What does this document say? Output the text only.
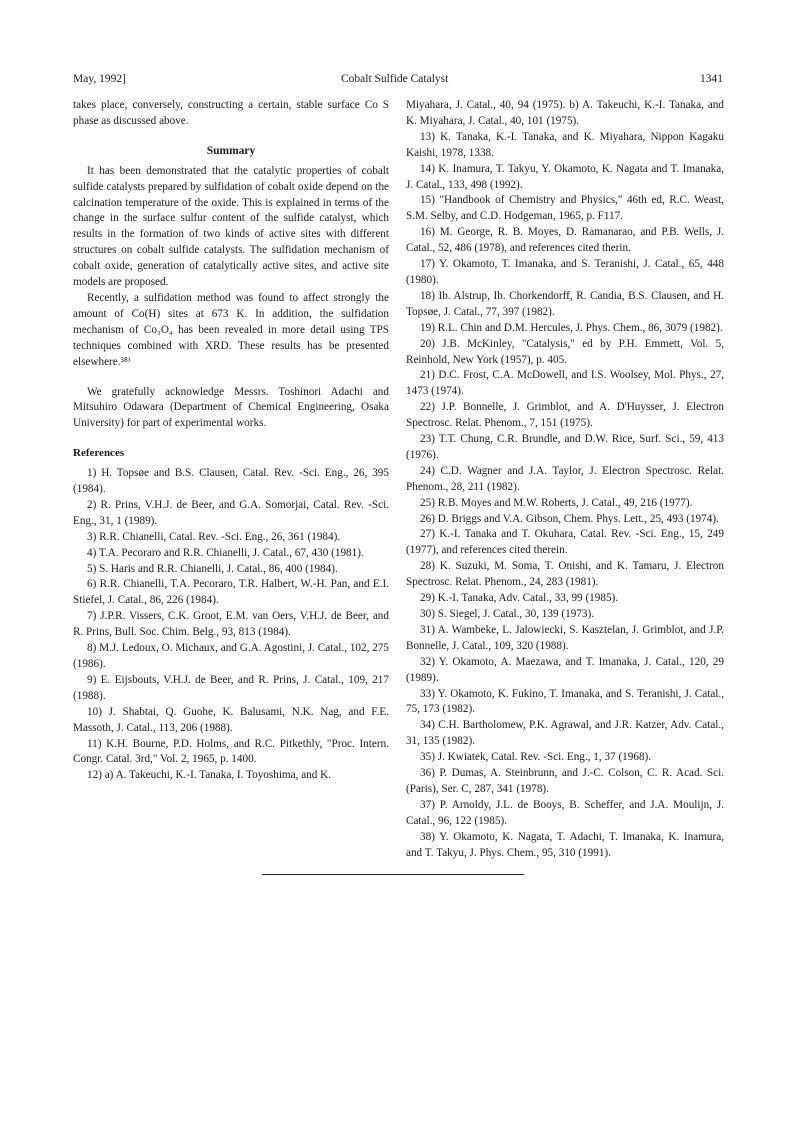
May, 1992]	Cobalt Sulfide Catalyst	1341

takes place, conversely, constructing a certain, stable surface Co S phase as discussed above.

Summary

It has been demonstrated that the catalytic properties of cobalt sulfide catalysts prepared by sulfidation of cobalt oxide depend on the calcination temperature of the oxide. This is explained in terms of the change in the surface sulfur content of the sulfide catalyst, which results in the formation of two kinds of active sites with different structures on cobalt sulfide catalysts. The sulfidation mechanism of cobalt oxide, generation of catalytically active sites, and active site models are proposed.

Recently, a sulfidation method was found to affect strongly the amount of Co(H) sites at 673 K. In addition, the sulfidation mechanism of Co₃O₄ has been revealed in more detail using TPS techniques combined with XRD. These results has be presented elsewhere.³⁸⁾

We gratefully acknowledge Messrs. Toshinori Adachi and Mitsuhiro Odawara (Department of Chemical Engineering, Osaka University) for part of experimental works.

References

1) H. Topsøe and B.S. Clausen, Catal. Rev. -Sci. Eng., 26, 395 (1984).

2) R. Prins, V.H.J. de Beer, and G.A. Somorjai, Catal. Rev. -Sci. Eng., 31, 1 (1989).

3) R.R. Chianelli, Catal. Rev. -Sci. Eng., 26, 361 (1984).

4) T.A. Pecoraro and R.R. Chianelli, J. Catal., 67, 430 (1981).

5) S. Haris and R.R. Chianelli, J. Catal., 86, 400 (1984).

6) R.R. Chianelli, T.A. Pecoraro, T.R. Halbert, W.-H. Pan, and E.I. Stiefel, J. Catal., 86, 226 (1984).

7) J.P.R. Vissers, C.K. Groot, E.M. van Oers, V.H.J. de Beer, and R. Prins, Bull. Soc. Chim. Belg., 93, 813 (1984).

8) M.J. Ledoux, O. Michaux, and G.A. Agostini, J. Catal., 102, 275 (1986).

9) E. Eijsbouts, V.H.J. de Beer, and R. Prins, J. Catal., 109, 217 (1988).

10) J. Shabtai, Q. Guohe, K. Balusami, N.K. Nag, and F.E. Massoth, J. Catal., 113, 206 (1988).

11) K.H. Bourne, P.D. Holms, and R.C. Pitkethly, "Proc. Intern. Congr. Catal. 3rd," Vol. 2, 1965, p. 1400.

12) a) A. Takeuchi, K.-I. Tanaka, I. Toyoshima, and K.

Miyahara, J. Catal., 40, 94 (1975). b) A. Takeuchi, K.-I. Tanaka, and K. Miyahara, J. Catal., 40, 101 (1975).

13) K. Tanaka, K.-I. Tanaka, and K. Miyahara, Nippon Kagaku Kaishi, 1978, 1338.

14) K. Inamura, T. Takyu, Y. Okamoto, K. Nagata and T. Imanaka, J. Catal., 133, 498 (1992).

15) "Handbook of Chemistry and Physics," 46th ed, R.C. Weast, S.M. Selby, and C.D. Hodgeman, 1965, p. F117.

16) M. George, R. B. Moyes, D. Ramanarao, and P.B. Wells, J. Catal., 52, 486 (1978), and references cited therin.

17) Y. Okamoto, T. Imanaka, and S. Teranishi, J. Catal., 65, 448 (1980).

18) Ib. Alstrup, Ib. Chorkendorff, R. Candia, B.S. Clausen, and H. Topsøe, J. Catal., 77, 397 (1982).

19) R.L. Chin and D.M. Hercules, J. Phys. Chem., 86, 3079 (1982).

20) J.B. McKinley, "Catalysis," ed by P.H. Emmett, Vol. 5, Reinhold, New York (1957), p. 405.

21) D.C. Frost, C.A. McDowell, and I.S. Woolsey, Mol. Phys., 27, 1473 (1974).

22) J.P. Bonnelle, J. Grimblot, and A. D'Huysser, J. Electron Spectrosc. Relat. Phenom., 7, 151 (1975).

23) T.T. Chung, C.R. Brundle, and D.W. Rice, Surf. Sci., 59, 413 (1976).

24) C.D. Wagner and J.A. Taylor, J. Electron Spectrosc. Relat. Phenom., 28, 211 (1982).

25) R.B. Moyes and M.W. Roberts, J. Catal., 49, 216 (1977).

26) D. Briggs and V.A. Gibson, Chem. Phys. Lett., 25, 493 (1974).

27) K.-I. Tanaka and T. Okuhara, Catal. Rev. -Sci. Eng., 15, 249 (1977), and references cited therein.

28) K. Suzuki, M. Soma, T. Onishi, and K. Tamaru, J. Electron Spectrosc. Relat. Phenom., 24, 283 (1981).

29) K.-I. Tanaka, Adv. Catal., 33, 99 (1985).

30) S. Siegel, J. Catal., 30, 139 (1973).

31) A. Wambeke, L. Jalowiecki, S. Kasztelan, J. Grimblot, and J.P. Bonnelle, J. Catal., 109, 320 (1988).

32) Y. Okamoto, A. Maezawa, and T. Imanaka, J. Catal., 120, 29 (1989).

33) Y. Okamoto, K. Fukino, T. Imanaka, and S. Teranishi, J. Catal., 75, 173 (1982).

34) C.H. Bartholomew, P.K. Agrawal, and J.R. Katzer, Adv. Catal., 31, 135 (1982).

35) J. Kwiatek, Catal. Rev. -Sci. Eng., 1, 37 (1968).

36) P. Dumas, A. Steinbrunn, and J.-C. Colson, C. R. Acad. Sci. (Paris), Ser. C, 287, 341 (1978).

37) P. Arnoldy, J.L. de Booys, B. Scheffer, and J.A. Moulijn, J. Catal., 96, 122 (1985).

38) Y. Okamoto, K. Nagata, T. Adachi, T. Imanaka, K. Inamura, and T. Takyu, J. Phys. Chem., 95, 310 (1991).
